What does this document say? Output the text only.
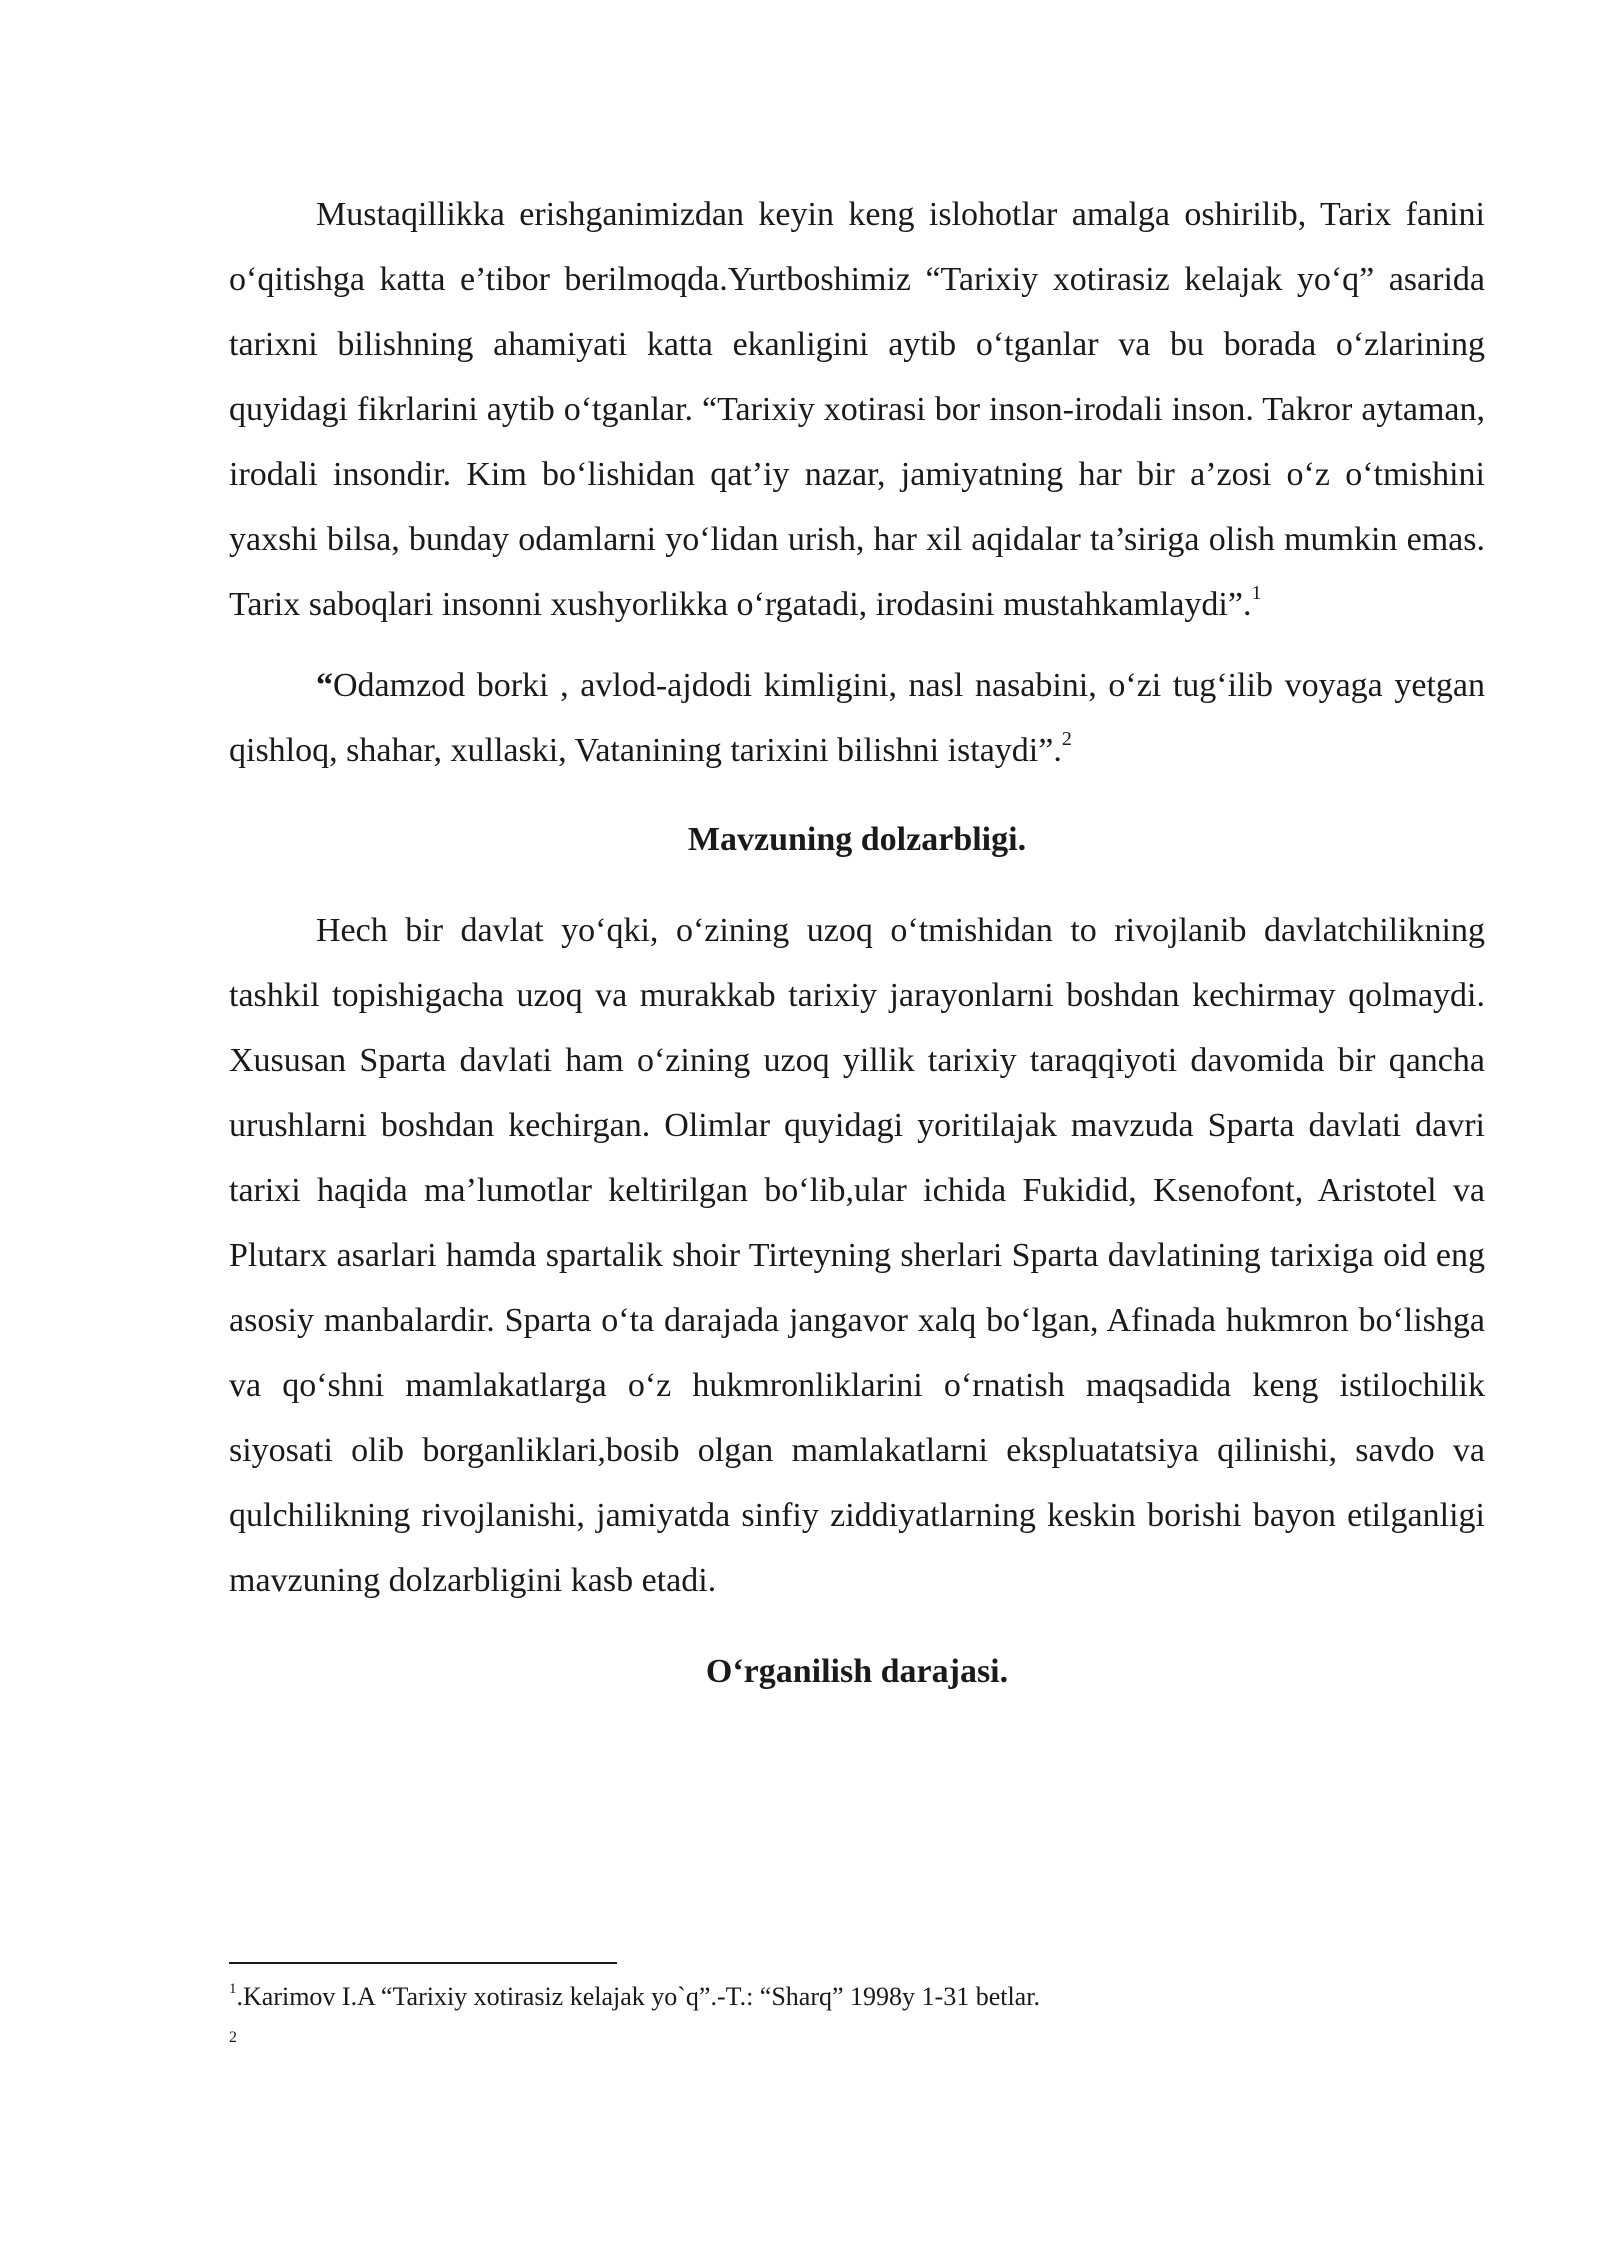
Mustaqillikka erishganimizdan keyin keng islohotlar amalga oshirilib, Tarix fanini o‘qitishga katta e’tibor berilmoqda.Yurtboshimiz “Tarixiy xotirasiz kelajak yo‘q” asarida tarixni bilishning ahamiyati katta ekanligini aytib o‘tganlar va bu borada o‘zlarining quyidagi fikrlarini aytib o‘tganlar. “Tarixiy xotirasi bor inson-irodali inson. Takror aytaman, irodali insondir. Kim bo‘lishidan qat’iy nazar, jamiyatning har bir a’zosi o‘z o‘tmishini yaxshi bilsa, bunday odamlarni yo‘lidan urish, har xil aqidalar ta’siriga olish mumkin emas. Tarix saboqlari insonni xushyorlikka o‘rgatadi, irodasini mustahkamlaydi”.$^1$

“Odamzod borki , avlod-ajdodi kimligini, nasl nasabini, o‘zi tug‘ilib voyaga yetgan qishloq, shahar, xullaski, Vatanining tarixini bilishni istaydi”.$^2$

Mavzuning dolzarbligi.

Hech bir davlat yo‘qki, o‘zining uzoq o‘tmishidan to rivojlanib davlatchilikning tashkil topishigacha uzoq va murakkab tarixiy jarayonlarni boshdan kechirmay qolmaydi. Xususan Sparta davlati ham o‘zining uzoq yillik tarixiy taraqqiyoti davomida bir qancha urushlarni boshdan kechirgan. Olimlar quyidagi yoritilajak mavzuda Sparta davlati davri tarixi haqida ma’lumotlar keltirilgan bo‘lib,ular ichida Fukidid, Ksenofont, Aristotel va Plutarx asarlari hamda spartalik shoir Tirteyning sherlari Sparta davlatining tarixiga oid eng asosiy manbalardir. Sparta o‘ta darajada jangavor xalq bo‘lgan, Afinada hukmron bo‘lishga va qo‘shni mamlakatlarga o‘z hukmronliklarini o‘rnatish maqsadida keng istilochilik siyosati olib borganliklari,bosib olgan mamlakatlarni ekspluatatsiya qilinishi, savdo va qulchilikning rivojlanishi, jamiyatda sinfiy ziddiyatlarning keskin borishi bayon etilganligi mavzuning dolzarbligini kasb etadi.

O‘rganilish darajasi.

$^1$.Karimov I.A “Tarixiy xotirasiz kelajak yo`q”.-T.: “Sharq” 1998y 1-31 betlar.

2
